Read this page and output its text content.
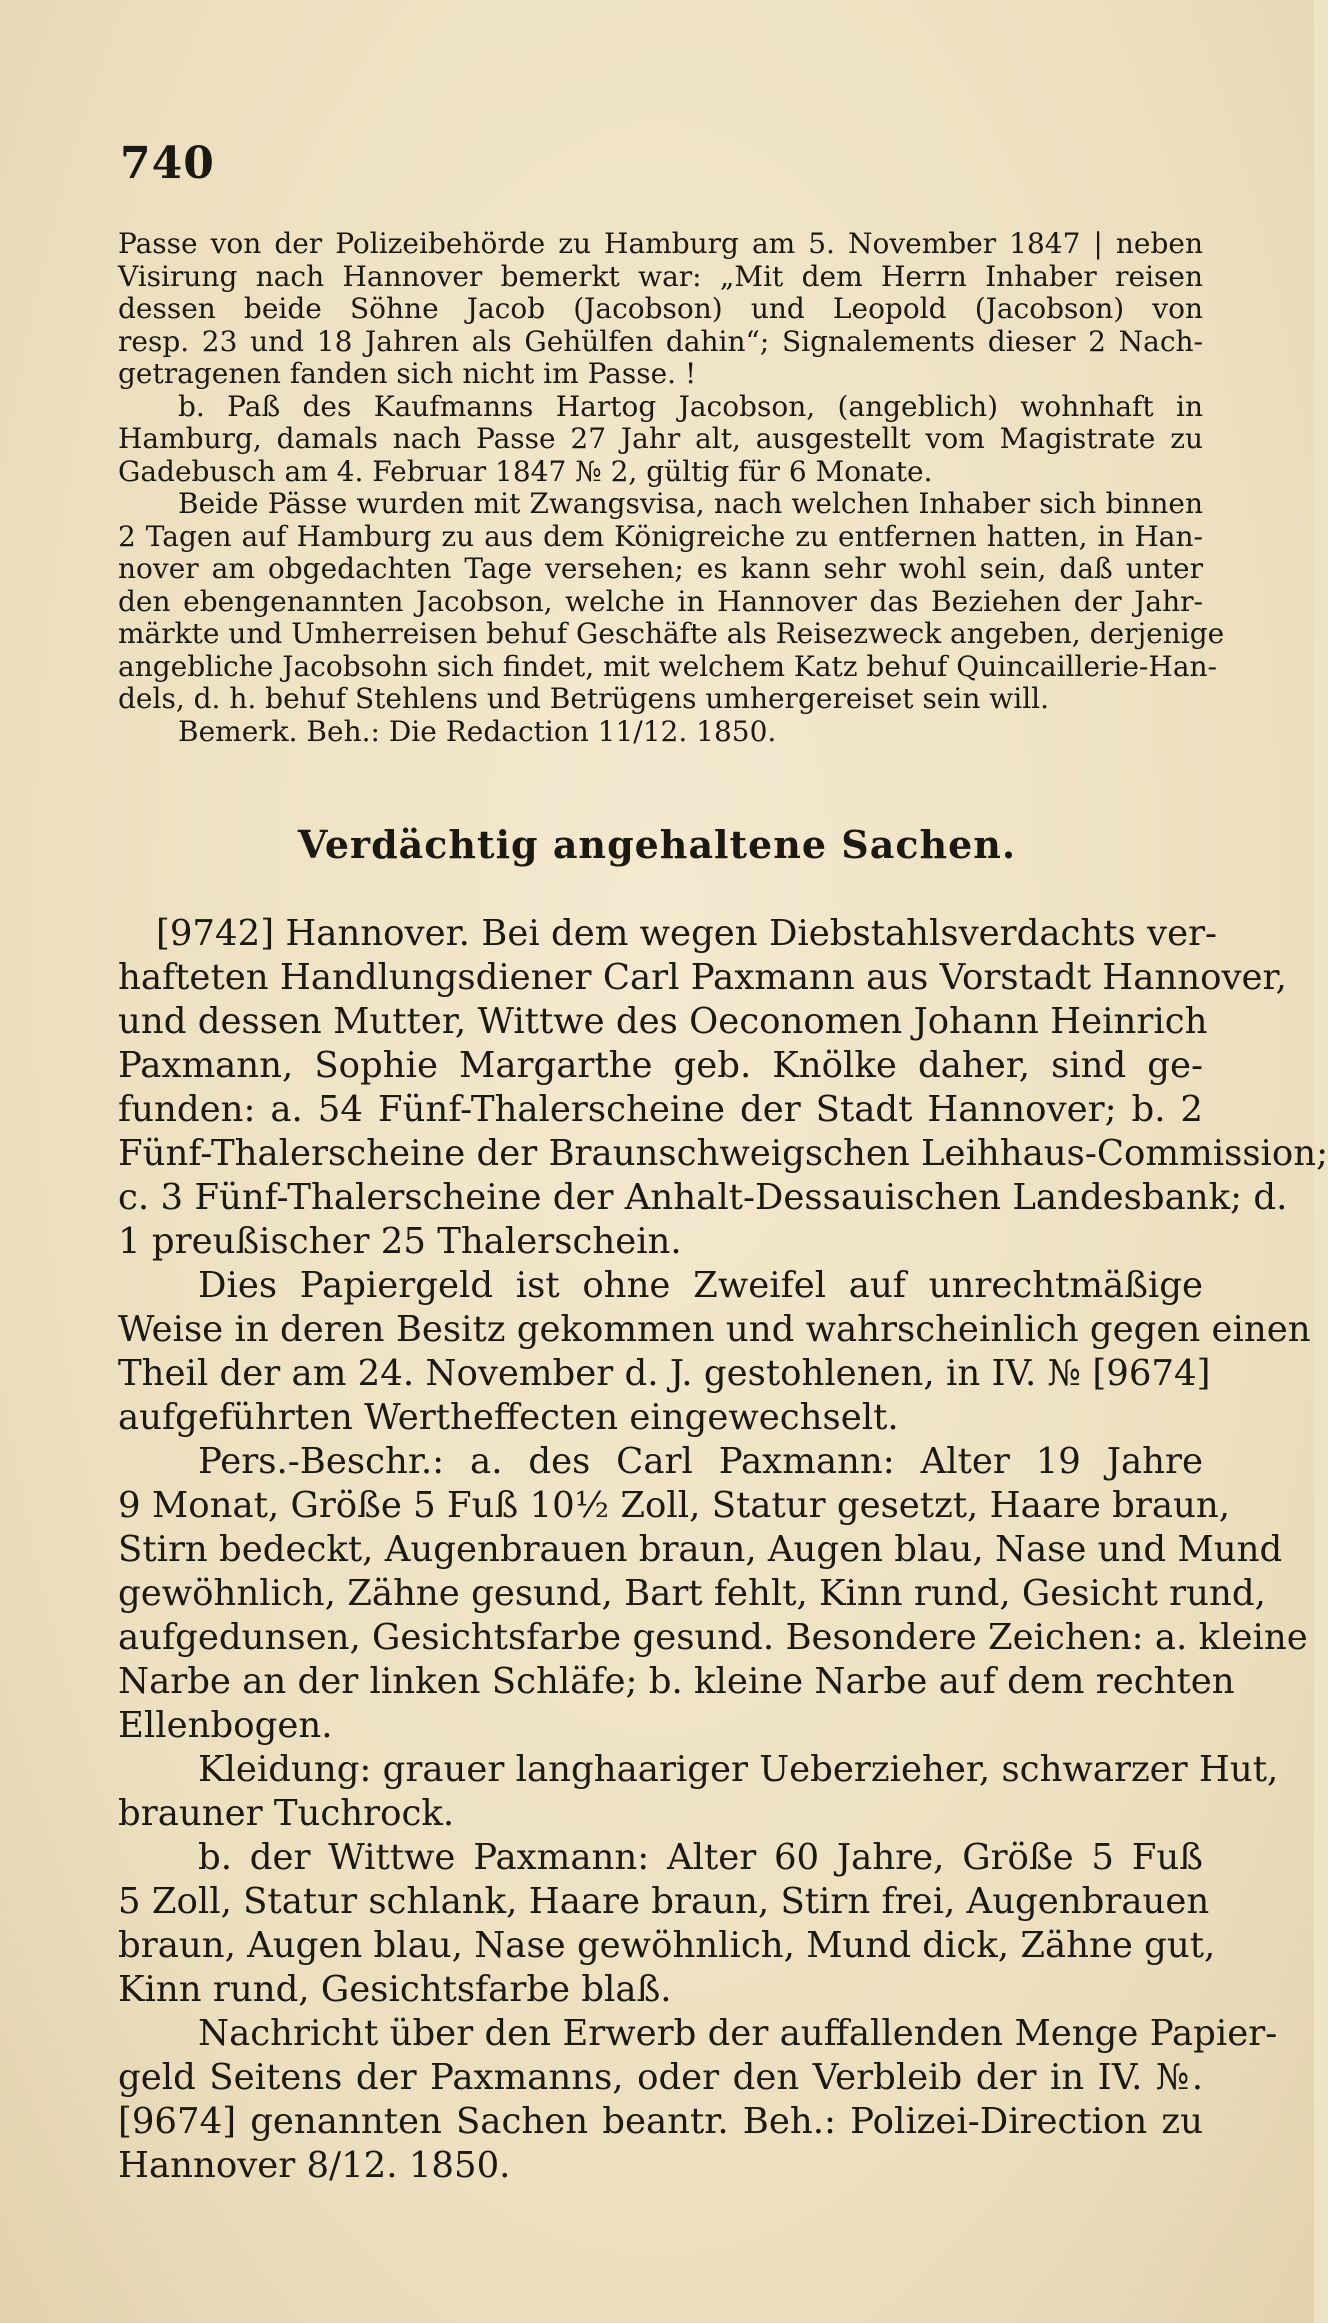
740
Passe von der Polizeibehörde zu Hamburg am 5. November 1847 | neben
Visirung nach Hannover bemerkt war: „Mit dem Herrn Inhaber reisen
dessen beide Söhne Jacob (Jacobson) und Leopold (Jacobson) von
resp. 23 und 18 Jahren als Gehülfen dahin“; Signalements dieser 2 Nach-
getragenen fanden sich nicht im Passe. !
b. Paß des Kaufmanns Hartog Jacobson, (angeblich) wohnhaft in
Hamburg, damals nach Passe 27 Jahr alt, ausgestellt vom Magistrate zu
Gadebusch am 4. Februar 1847 № 2, gültig für 6 Monate.
Beide Pässe wurden mit Zwangsvisa, nach welchen Inhaber sich binnen
2 Tagen auf Hamburg zu aus dem Königreiche zu entfernen hatten, in Han-
nover am obgedachten Tage versehen; es kann sehr wohl sein, daß unter
den ebengenannten Jacobson, welche in Hannover das Beziehen der Jahr-
märkte und Umherreisen behuf Geschäfte als Reisezweck angeben, derjenige
angebliche Jacobsohn sich findet, mit welchem Katz behuf Quincaillerie-Han-
dels, d. h. behuf Stehlens und Betrügens umhergereiset sein will.
Bemerk. Beh.: Die Redaction 11/12. 1850.
Verdächtig angehaltene Sachen.
[9742] Hannover. Bei dem wegen Diebstahlsverdachts ver-
hafteten Handlungsdiener Carl Paxmann aus Vorstadt Hannover,
und dessen Mutter, Wittwe des Oeconomen Johann Heinrich
Paxmann, Sophie Margarthe geb. Knölke daher, sind ge-
funden: a. 54 Fünf-Thalerscheine der Stadt Hannover; b. 2
Fünf-Thalerscheine der Braunschweigschen Leihhaus-Commission;
c. 3 Fünf-Thalerscheine der Anhalt-Dessauischen Landesbank; d.
1 preußischer 25 Thalerschein.
Dies Papiergeld ist ohne Zweifel auf unrechtmäßige
Weise in deren Besitz gekommen und wahrscheinlich gegen einen
Theil der am 24. November d. J. gestohlenen, in IV. № [9674]
aufgeführten Wertheffecten eingewechselt.
Pers.-Beschr.: a. des Carl Paxmann: Alter 19 Jahre
9 Monat, Größe 5 Fuß 10½ Zoll, Statur gesetzt, Haare braun,
Stirn bedeckt, Augenbrauen braun, Augen blau, Nase und Mund
gewöhnlich, Zähne gesund, Bart fehlt, Kinn rund, Gesicht rund,
aufgedunsen, Gesichtsfarbe gesund. Besondere Zeichen: a. kleine
Narbe an der linken Schläfe; b. kleine Narbe auf dem rechten
Ellenbogen.
Kleidung: grauer langhaariger Ueberzieher, schwarzer Hut,
brauner Tuchrock.
b. der Wittwe Paxmann: Alter 60 Jahre, Größe 5 Fuß
5 Zoll, Statur schlank, Haare braun, Stirn frei, Augenbrauen
braun, Augen blau, Nase gewöhnlich, Mund dick, Zähne gut,
Kinn rund, Gesichtsfarbe blaß.
Nachricht über den Erwerb der auffallenden Menge Papier-
geld Seitens der Paxmanns, oder den Verbleib der in IV. №.
[9674] genannten Sachen beantr. Beh.: Polizei-Direction zu
Hannover 8/12. 1850.
